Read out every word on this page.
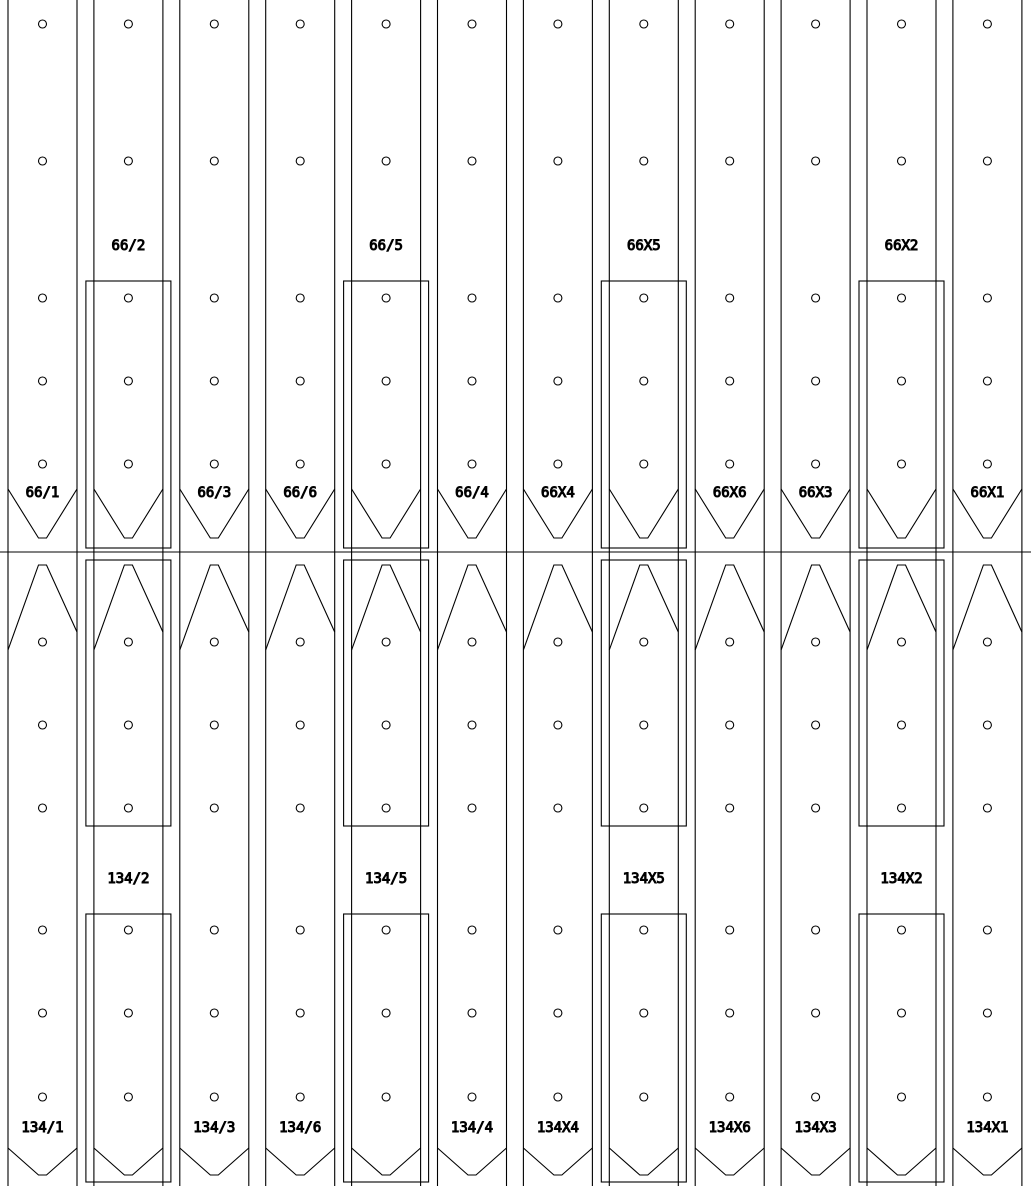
66/1
134/1
66/2
134/2
66/3
134/3
66/6
134/6
66/5
134/5
66/4
134/4
66X4
134X4
66X5
134X5
66X6
134X6
66X3
134X3
66X2
134X2
66X1
134X1
